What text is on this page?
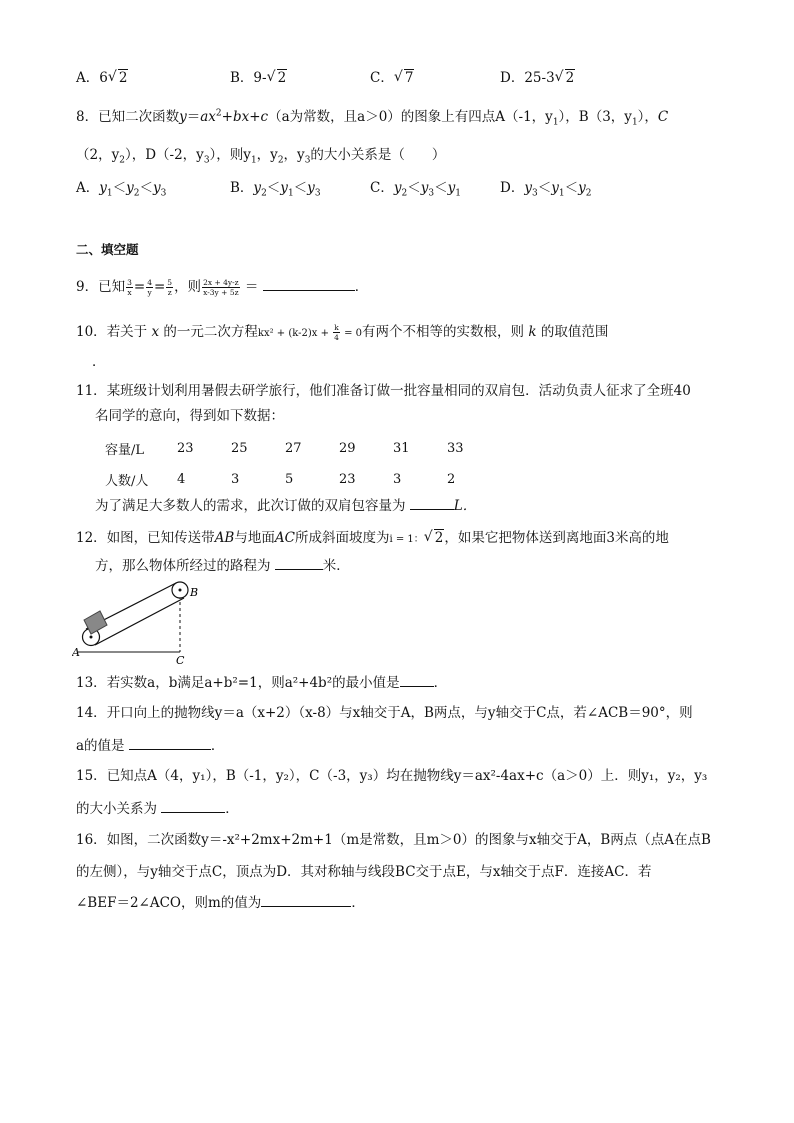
A．6 √ 2	B．9- √ 2	C． √ 7	D．25-3 √ 2
8．已知二次函数$y=ax^2+bx+c(a$为常数，且a＞0）的图象上有四点A（-1，$y_1$），B（3，$y_1$），C
（2，$y_2$），D（-2，$y_3$），则$y_1$，$y_2$，$y_3$的大小关系是（　　）
A．$y_1<y_2<y_3$	B．$y_2<y_1<y_3$	C．$y_2<y_3<y_1$	D．$y_3<y_1<y_2$
二、填空题
9．已知 $\frac{3}{x} = \frac{4}{y} = \frac{5}{z}$ ，则 $\frac{2x + 4y-z}{x-3y + 5z}$ ＝	．
10．若关于 x 的一元二次方程$kx^2 + (k-2)x + \frac{k}{4} = 0$有两个不相等的实数根，则 k 的取值范围
．
11．某班级计划利用暑假去研学旅行，他们准备订做一批容量相同的双肩包．活动负责人征求了全班40
名同学的意向，得到如下数据：
容量/L	23	25	27	29	31	33
人数/人	4	3	5	23	3	2
为了满足大多数人的需求，此次订做的双肩包容量为	L．
12．如图，已知传送带AB与地面AC所成斜面坡度为i = 1： √ 2，如果它把物体送到离地面3米高的地
方，那么物体所经过的路程为	米．
A
B
C
13．若实数a，b满足a+b²=1，则a²+4b²的最小值是	．
14．开口向上的抛物线y＝a（x+2）（x-8）与x轴交于A，B两点，与y轴交于C点，若∠ACB＝90°，则
a的值是	．
15．已知点A（4，y₁），B（-1，y₂），C（-3，y₃）均在抛物线y＝ax²-4ax+c（a＞0）上．则y₁，y₂，y₃
的大小关系为	．
16．如图，二次函数y＝-x²+2mx+2m+1（m是常数，且m＞0）的图象与x轴交于A，B两点（点A在点B
的左侧），与y轴交于点C，顶点为D．其对称轴与线段BC交于点E，与x轴交于点F．连接AC．若
∠BEF＝2∠ACO，则m的值为	．
